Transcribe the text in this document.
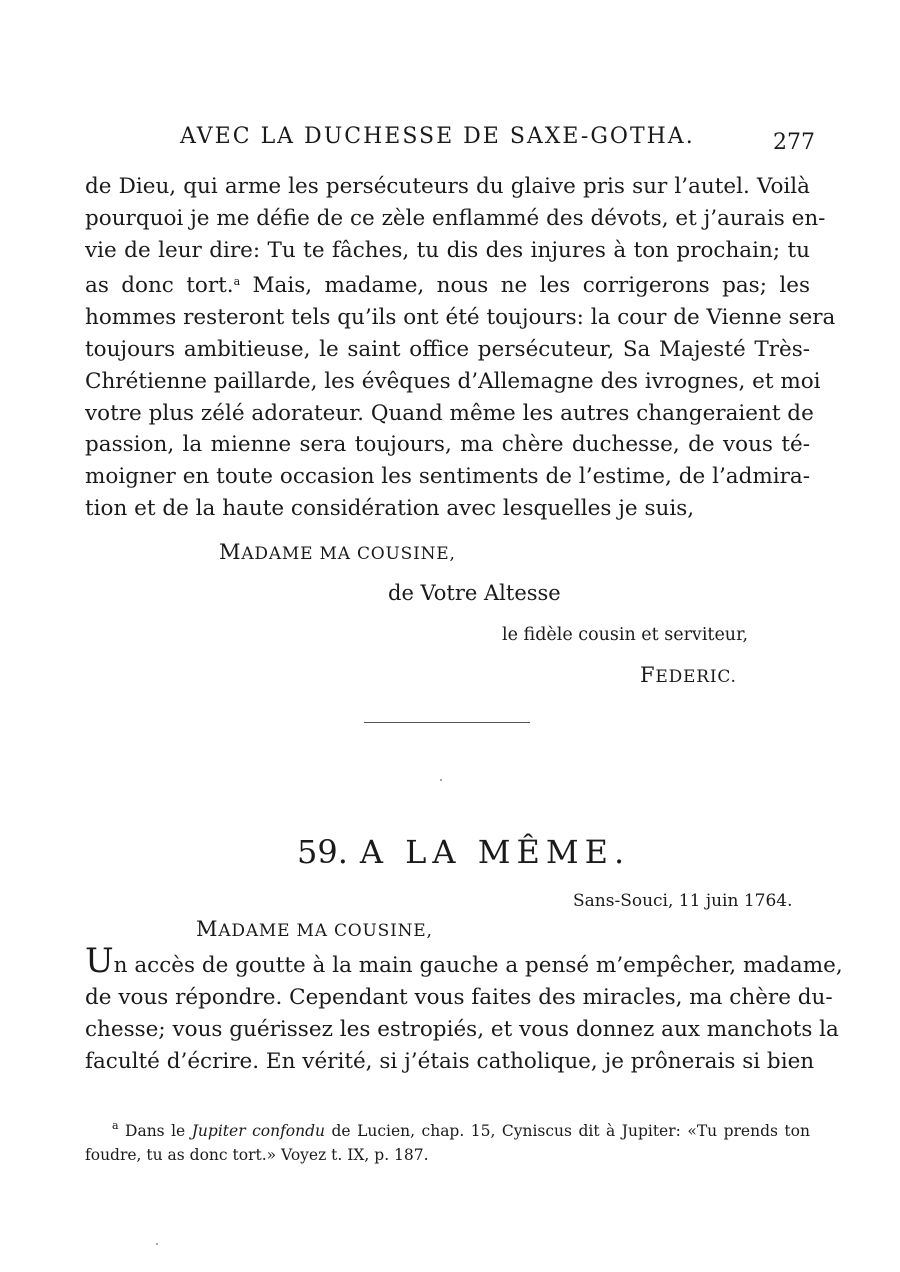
AVEC LA DUCHESSE DE SAXE-GOTHA.	277
de Dieu, qui arme les persécuteurs du glaive pris sur l’autel. Voilà
pourquoi je me défie de ce zèle enflammé des dévots, et j’aurais en-
vie de leur dire: Tu te fâches, tu dis des injures à ton prochain; tu
as donc tort.$^a$ Mais, madame, nous ne les corrigerons pas; les
hommes resteront tels qu’ils ont été toujours: la cour de Vienne sera
toujours ambitieuse, le saint office persécuteur, Sa Majesté Très-
Chrétienne paillarde, les évêques d’Allemagne des ivrognes, et moi
votre plus zélé adorateur. Quand même les autres changeraient de
passion, la mienne sera toujours, ma chère duchesse, de vous té-
moigner en toute occasion les sentiments de l’estime, de l’admira-
tion et de la haute considération avec lesquelles je suis,
MADAME MA COUSINE,
de Votre Altesse
le fidèle cousin et serviteur,
FEDERIC.
59. A LA MÊME.
Sans-Souci, 11 juin 1764.
MADAME MA COUSINE,
Un accès de goutte à la main gauche a pensé m’empêcher, madame,
de vous répondre. Cependant vous faites des miracles, ma chère du-
chesse; vous guérissez les estropiés, et vous donnez aux manchots la
faculté d’écrire. En vérité, si j’étais catholique, je prônerais si bien
$^a$ Dans le Jupiter confondu de Lucien, chap. 15, Cyniscus dit à Jupiter: «Tu prends ton
foudre, tu as donc tort.» Voyez t. IX, p. 187.
